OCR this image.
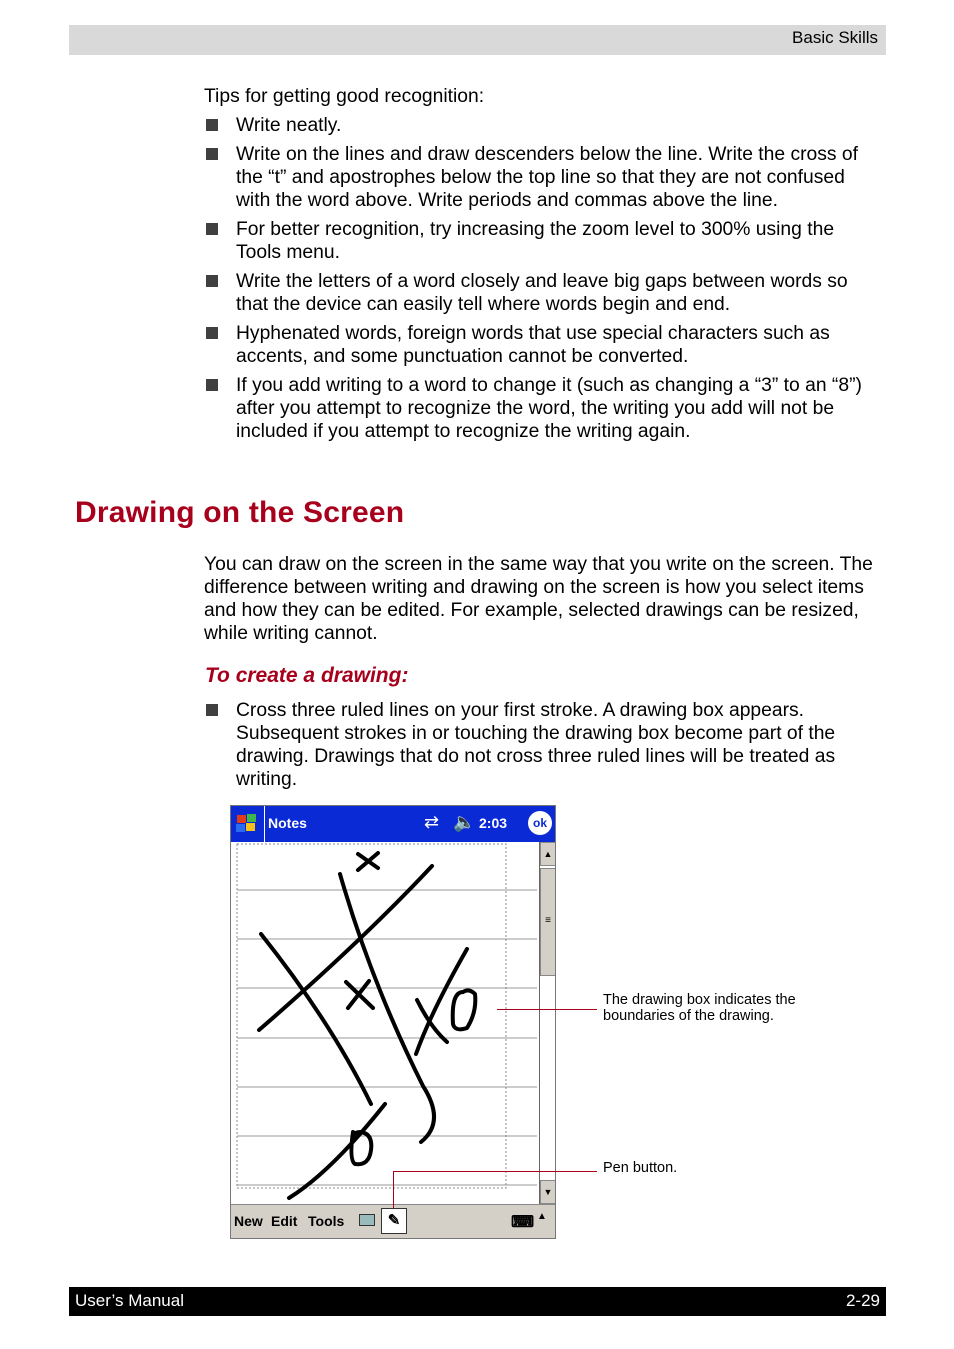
Basic Skills
Tips for getting good recognition:
Write neatly.
Write on the lines and draw descenders below the line. Write the cross of the “t” and apostrophes below the top line so that they are not confused with the word above. Write periods and commas above the line.
For better recognition, try increasing the zoom level to 300% using the Tools menu.
Write the letters of a word closely and leave big gaps between words so that the device can easily tell where words begin and end.
Hyphenated words, foreign words that use special characters such as accents, and some punctuation cannot be converted.
If you add writing to a word to change it (such as changing a “3” to an “8”) after you attempt to recognize the word, the writing you add will not be included if you attempt to recognize the writing again.
Drawing on the Screen
You can draw on the screen in the same way that you write on the screen. The difference between writing and drawing on the screen is how you select items and how they can be edited. For example, selected drawings can be resized, while writing cannot.
To create a drawing:
Cross three ruled lines on your first stroke. A drawing box appears. Subsequent strokes in or touching the drawing box become part of the drawing. Drawings that do not cross three ruled lines will be treated as writing.
Notes	⇄ 🔈 2:03	ok
▲
≡
▼
New Edit Tools	✎	⌨ ▲
The drawing box indicates the boundaries of the drawing.
Pen button.
User’s Manual	2-29
